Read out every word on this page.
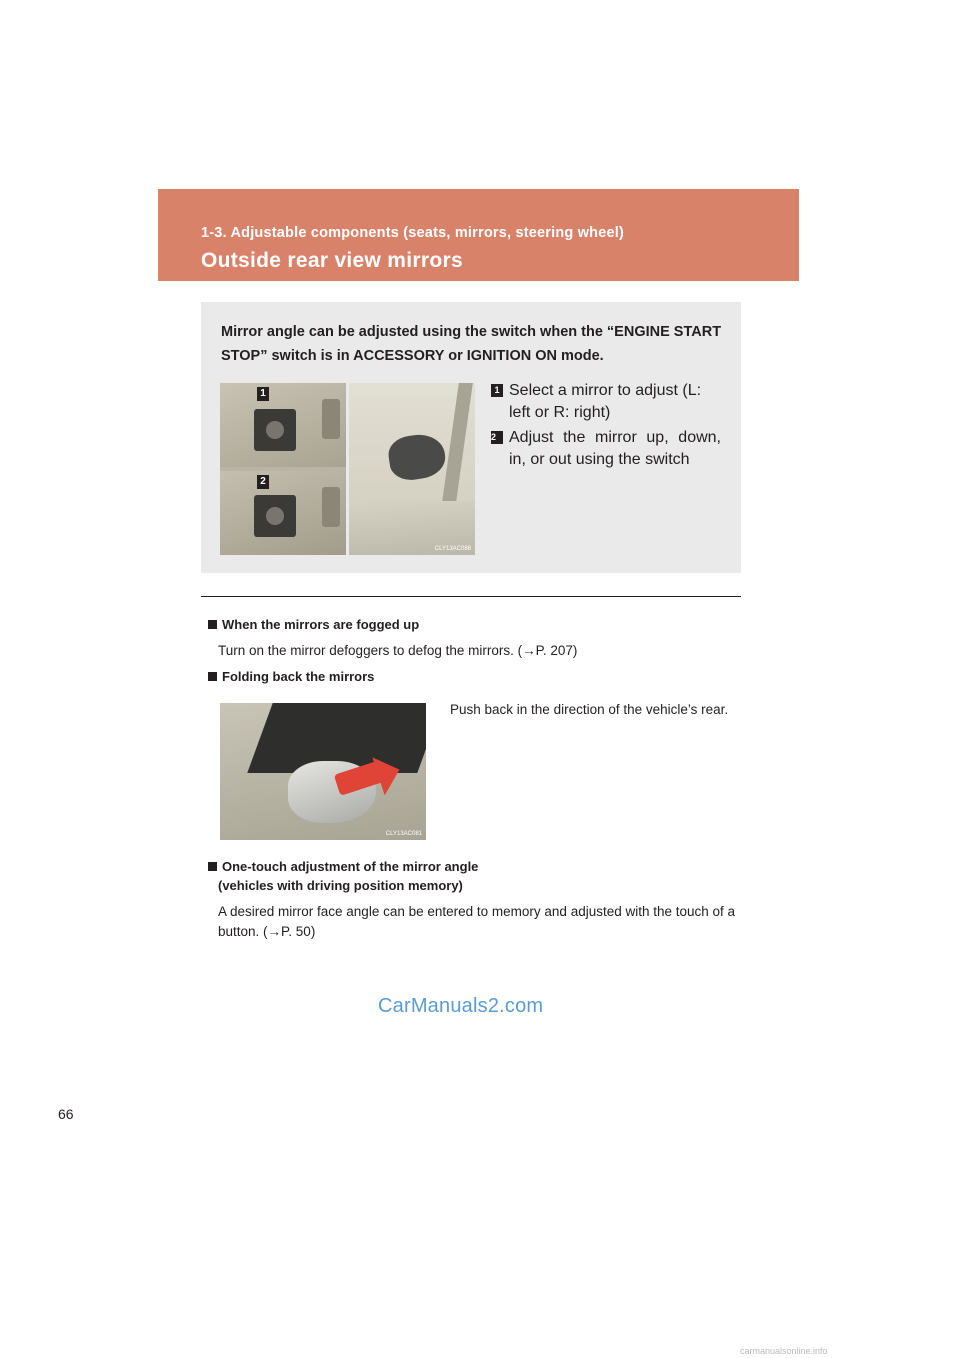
1-3. Adjustable components (seats, mirrors, steering wheel)
Outside rear view mirrors
Mirror angle can be adjusted using the switch when the “ENGINE START STOP” switch is in ACCESSORY or IGNITION ON mode.
1
2
CLY13AC088
1 Select a mirror to adjust (L: left or R: right)
2 Adjust the mirror up, down, in, or out using the switch
When the mirrors are fogged up
Turn on the mirror defoggers to defog the mirrors. (→P. 207)
Folding back the mirrors
CLY13AC081
Push back in the direction of the vehicle’s rear.
One-touch adjustment of the mirror angle
(vehicles with driving position memory)
A desired mirror face angle can be entered to memory and adjusted with the touch of a button. (→P. 50)
CarManuals2.com
66
carmanualsonline.info
